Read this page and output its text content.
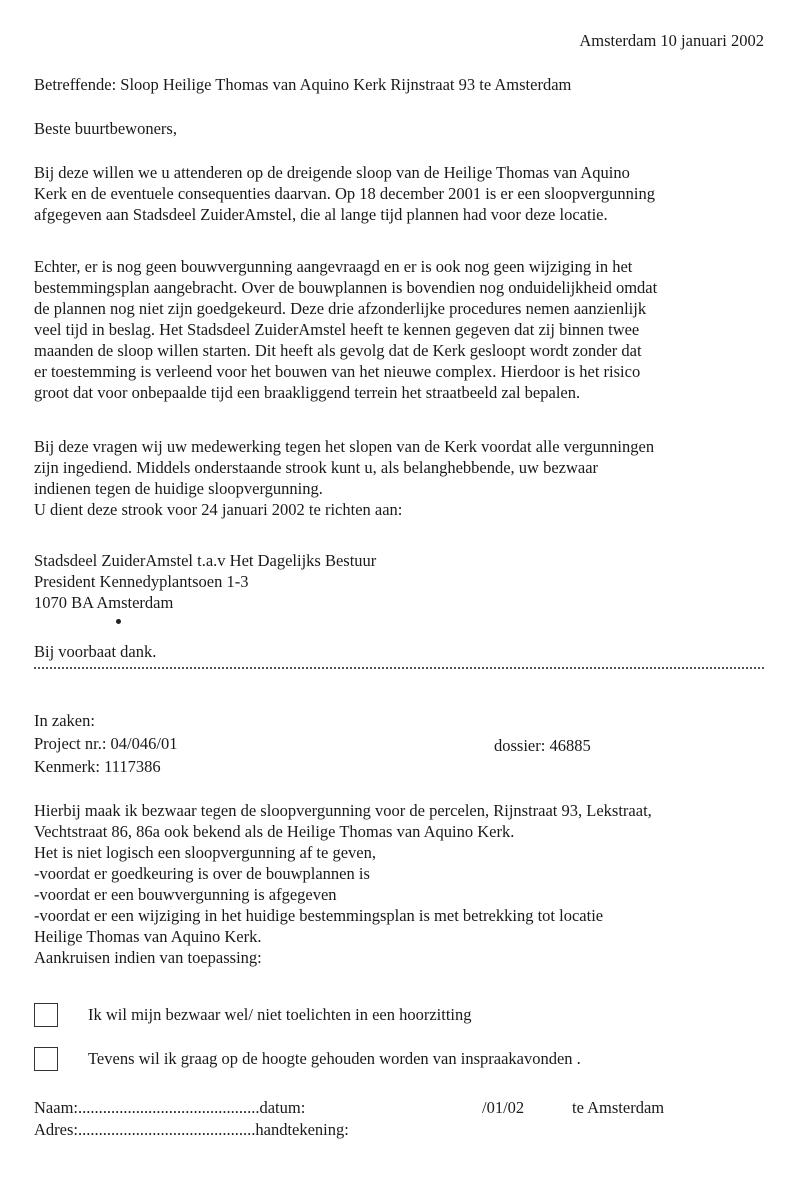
Amsterdam 10 januari 2002
Betreffende: Sloop Heilige Thomas van Aquino Kerk Rijnstraat 93 te Amsterdam
Beste buurtbewoners,
Bij deze willen we u attenderen op de dreigende sloop van de Heilige Thomas van Aquino
Kerk en de eventuele consequenties daarvan. Op 18 december 2001 is er een sloopvergunning
afgegeven aan Stadsdeel ZuiderAmstel, die al lange tijd plannen had voor deze locatie.
Echter, er is nog geen bouwvergunning aangevraagd en er is ook nog geen wijziging in het
bestemmingsplan aangebracht. Over de bouwplannen is bovendien nog onduidelijkheid omdat
de plannen nog niet zijn goedgekeurd. Deze drie afzonderlijke procedures nemen aanzienlijk
veel tijd in beslag. Het Stadsdeel ZuiderAmstel heeft te kennen gegeven dat zij binnen twee
maanden de sloop willen starten. Dit heeft als gevolg dat de Kerk gesloopt wordt zonder dat
er toestemming is verleend voor het bouwen van het nieuwe complex. Hierdoor is het risico
groot dat voor onbepaalde tijd een braakliggend terrein het straatbeeld zal bepalen.
Bij deze vragen wij uw medewerking tegen het slopen van de Kerk voordat alle vergunningen
zijn ingediend. Middels onderstaande strook kunt u, als belanghebbende, uw bezwaar
indienen tegen de huidige sloopvergunning.
U dient deze strook voor 24 januari 2002 te richten aan:
Stadsdeel ZuiderAmstel t.a.v Het Dagelijks Bestuur
President Kennedyplantsoen 1-3
1070 BA Amsterdam
Bij voorbaat dank.
In zaken:
Project nr.: 04/046/01	dossier: 46885
Kenmerk: 1117386
Hierbij maak ik bezwaar tegen de sloopvergunning voor de percelen, Rijnstraat 93, Lekstraat,
Vechtstraat 86, 86a ook bekend als de Heilige Thomas van Aquino Kerk.
Het is niet logisch een sloopvergunning af te geven,
-voordat er goedkeuring is over de bouwplannen is
-voordat er een bouwvergunning is afgegeven
-voordat er een wijziging in het huidige bestemmingsplan is met betrekking tot locatie
Heilige Thomas van Aquino Kerk.
Aankruisen indien van toepassing:
Ik wil mijn bezwaar wel/ niet toelichten in een hoorzitting
Tevens wil ik graag op de hoogte gehouden worden van inspraakavonden .
Naam:............................................datum:	/01/02	te Amsterdam
Adres:...........................................handtekening:
